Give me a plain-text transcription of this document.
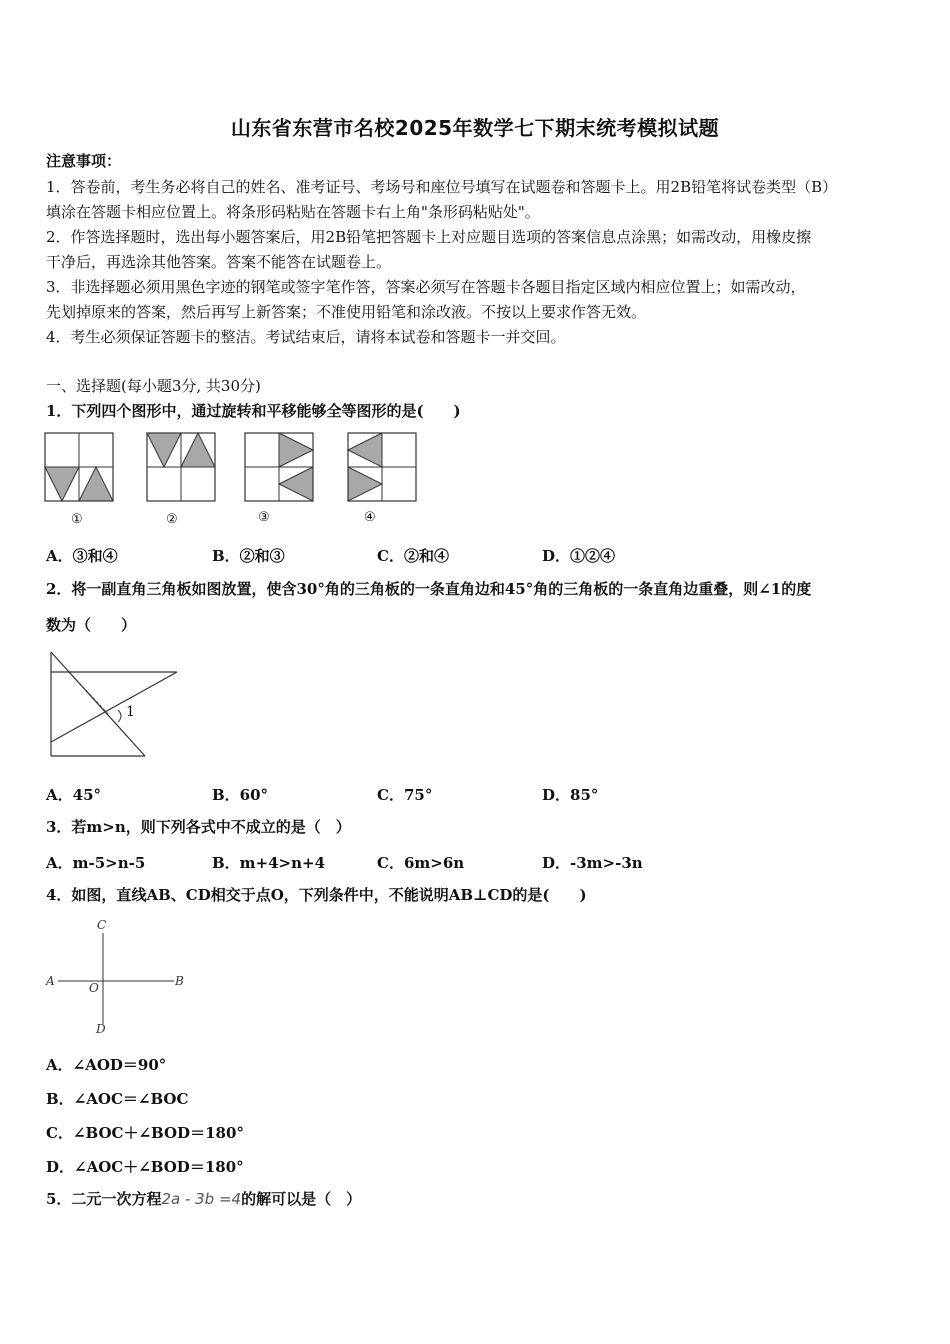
山东省东营市名校2025年数学七下期末统考模拟试题
注意事项：
1．答卷前，考生务必将自己的姓名、准考证号、考场号和座位号填写在试题卷和答题卡上。用2B铅笔将试卷类型（B）
填涂在答题卡相应位置上。将条形码粘贴在答题卡右上角"条形码粘贴处"。
2．作答选择题时，选出每小题答案后，用2B铅笔把答题卡上对应题目选项的答案信息点涂黑；如需改动，用橡皮擦
干净后，再选涂其他答案。答案不能答在试题卷上。
3．非选择题必须用黑色字迹的钢笔或签字笔作答，答案必须写在答题卡各题目指定区域内相应位置上；如需改动，
先划掉原来的答案，然后再写上新答案；不准使用铅笔和涂改液。不按以上要求作答无效。
4．考生必须保证答题卡的整洁。考试结束后，请将本试卷和答题卡一并交回。
一、选择题(每小题3分, 共30分)
1．下列四个图形中，通过旋转和平移能够全等图形的是(　　)
①	②	③	④
A．③和④	B．②和③	C．②和④	D．①②④
2．将一副直角三角板如图放置，使含30°角的三角板的一条直角边和45°角的三角板的一条直角边重叠，则∠1的度
数为（　　）
1
A．45°	B．60°	C．75°	D．85°
3．若m>n，则下列各式中不成立的是（　）
A．m-5>n-5	B．m+4>n+4	C．6m>6n	D．-3m>-3n
4．如图，直线AB、CD相交于点O，下列条件中，不能说明AB⊥CD的是(　　)
C
A	B
O
D
A．∠AOD＝90°
B．∠AOC＝∠BOC
C．∠BOC＋∠BOD＝180°
D．∠AOC＋∠BOD＝180°
5．二元一次方程2a - 3b =4的解可以是（　）
